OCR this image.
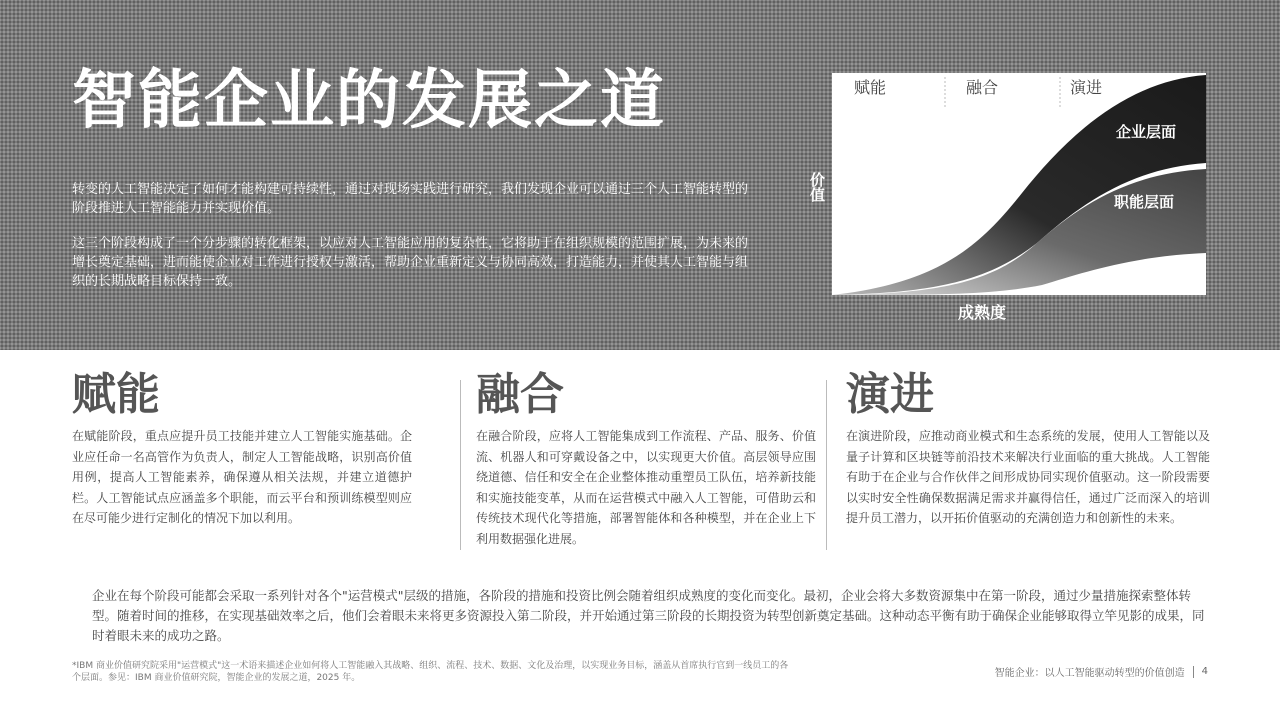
智能企业的发展之道

转变的人工智能决定了如何才能构建可持续性，通过对现场实践进行研究，我们发现企业可以通过三个人工智能转型的阶段推进人工智能能力并实现价值。

这三个阶段构成了一个分步骤的转化框架，以应对人工智能应用的复杂性，它将助于在组织规模的范围扩展，为未来的增长奠定基础，进而能使企业对工作进行授权与激活，帮助企业重新定义与协同高效，打造能力，并使其人工智能与组织的长期战略目标保持一致。

价值
成熟度
赋能	融合	演进
企业层面
职能层面
赋能

在赋能阶段，重点应提升员工技能并建立人工智能实施基础。企业应任命一名高管作为负责人，制定人工智能战略，识别高价值用例，提高人工智能素养，确保遵从相关法规，并建立道德护栏。人工智能试点应涵盖多个职能，而云平台和预训练模型则应在尽可能少进行定制化的情况下加以利用。

融合

在融合阶段，应将人工智能集成到工作流程、产品、服务、价值流、机器人和可穿戴设备之中，以实现更大价值。高层领导应围绕道德、信任和安全在企业整体推动重塑员工队伍，培养新技能和实施技能变革，从而在运营模式中融入人工智能，可借助云和传统技术现代化等措施，部署智能体和各种模型，并在企业上下利用数据强化进展。

演进

在演进阶段，应推动商业模式和生态系统的发展，使用人工智能以及量子计算和区块链等前沿技术来解决行业面临的重大挑战。人工智能有助于在企业与合作伙伴之间形成协同实现价值驱动。这一阶段需要以实时安全性确保数据满足需求并赢得信任，通过广泛而深入的培训提升员工潜力，以开拓价值驱动的充满创造力和创新性的未来。

企业在每个阶段可能都会采取一系列针对各个"运营模式"层级的措施，各阶段的措施和投资比例会随着组织成熟度的变化而变化。最初，企业会将大多数资源集中在第一阶段，通过少量措施探索整体转型。随着时间的推移，在实现基础效率之后，他们会着眼未来将更多资源投入第二阶段，并开始通过第三阶段的长期投资为转型创新奠定基础。这种动态平衡有助于确保企业能够取得立竿见影的成果，同时着眼未来的成功之路。

*IBM 商业价值研究院采用"运营模式"这一术语来描述企业如何将人工智能融入其战略、组织、流程、技术、数据、文化及治理，以实现业务目标，涵盖从首席执行官到一线员工的各个层面。参见：IBM 商业价值研究院，智能企业的发展之道，2025 年。	智能企业：以人工智能驱动转型的价值创造 4
